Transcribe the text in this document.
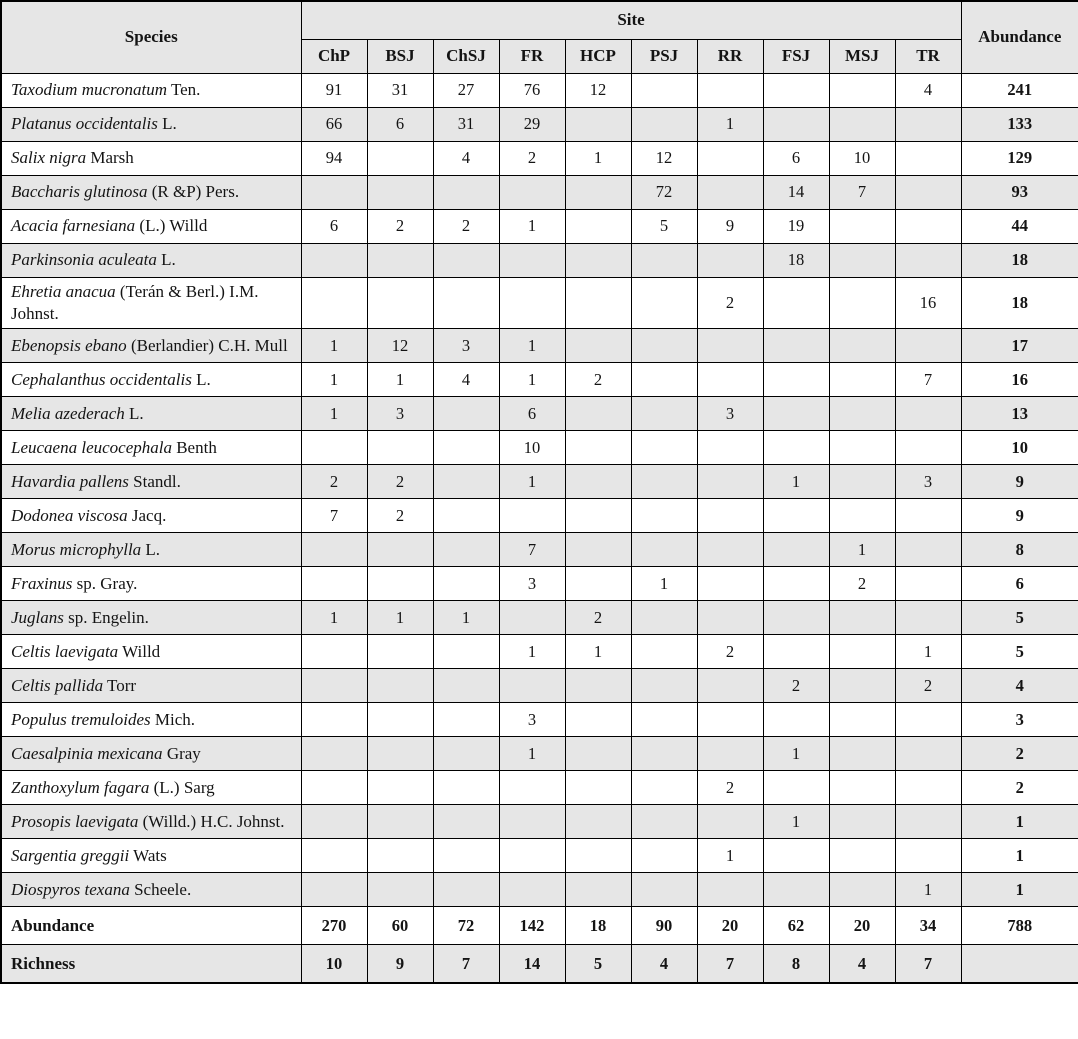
Species	Site										Abundance
	ChP	BSJ	ChSJ	FR	HCP	PSJ	RR	FSJ	MSJ	TR	
Taxodium mucronatum Ten.	91	31	27	76	12					4	241
Platanus occidentalis L.	66	6	31	29			1				133
Salix nigra Marsh	94		4	2	1	12		6	10		129
Baccharis glutinosa (R &P) Pers.						72		14	7		93
Acacia farnesiana (L.) Willd	6	2	2	1		5	9	19			44
Parkinsonia aculeata L.								18			18
Ehretia anacua (Terán & Berl.) I.M. Johnst.							2			16	18
Ebenopsis ebano (Berlandier) C.H. Mull	1	12	3	1							17
Cephalanthus occidentalis L.	1	1	4	1	2					7	16
Melia azederach L.	1	3		6			3				13
Leucaena leucocephala Benth				10							10
Havardia pallens Standl.	2	2		1				1		3	9
Dodonea viscosa Jacq.	7	2									9
Morus microphylla L.				7					1		8
Fraxinus sp. Gray.				3		1			2		6
Juglans sp. Engelin.	1	1	1		2						5
Celtis laevigata Willd				1	1		2			1	5
Celtis pallida Torr								2		2	4
Populus tremuloides Mich.				3							3
Caesalpinia mexicana Gray				1				1			2
Zanthoxylum fagara (L.) Sarg							2				2
Prosopis laevigata (Willd.) H.C. Johnst.								1			1
Sargentia greggii Wats							1				1
Diospyros texana Scheele.										1	1
Abundance	270	60	72	142	18	90	20	62	20	34	788
Richness	10	9	7	14	5	4	7	8	4	7	
